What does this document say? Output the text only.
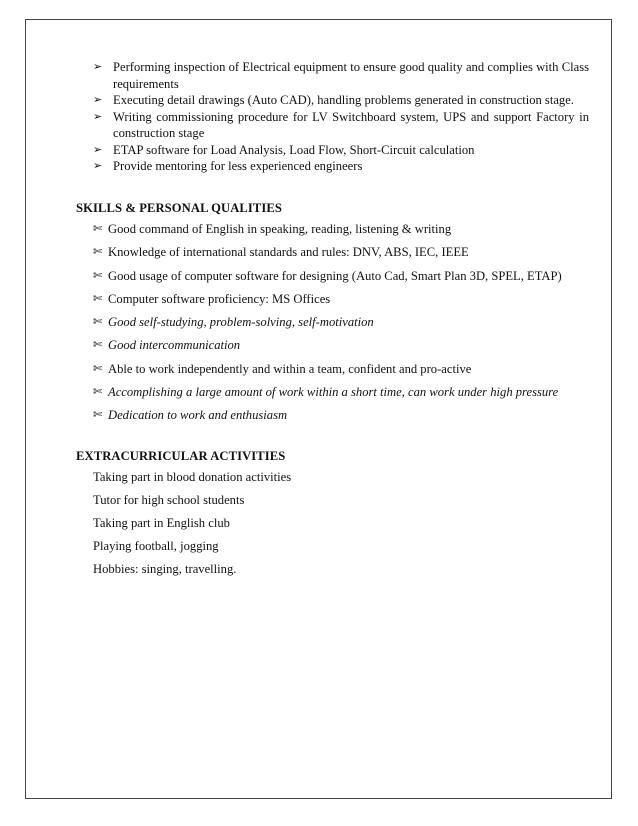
➢ Performing inspection of Electrical equipment to ensure good quality and complies with Class requirements
➢ Executing detail drawings (Auto CAD), handling problems generated in construction stage.
➢ Writing commissioning procedure for LV Switchboard system, UPS and support Factory in construction stage
➢ ETAP software for Load Analysis, Load Flow, Short-Circuit calculation
➢ Provide mentoring for less experienced engineers
SKILLS & PERSONAL QUALITIES
✄ Good command of English in speaking, reading, listening & writing
✄ Knowledge of international standards and rules: DNV, ABS, IEC, IEEE
✄ Good usage of computer software for designing (Auto Cad, Smart Plan 3D, SPEL, ETAP)
✄ Computer software proficiency: MS Offices
✄ Good self-studying, problem-solving, self-motivation
✄ Good intercommunication
✄ Able to work independently and within a team, confident and pro-active
✄ Accomplishing a large amount of work within a short time, can work under high pressure
✄ Dedication to work and enthusiasm
EXTRACURRICULAR ACTIVITIES
Taking part in blood donation activities
Tutor for high school students
Taking part in English club
Playing football, jogging
Hobbies: singing, travelling.
